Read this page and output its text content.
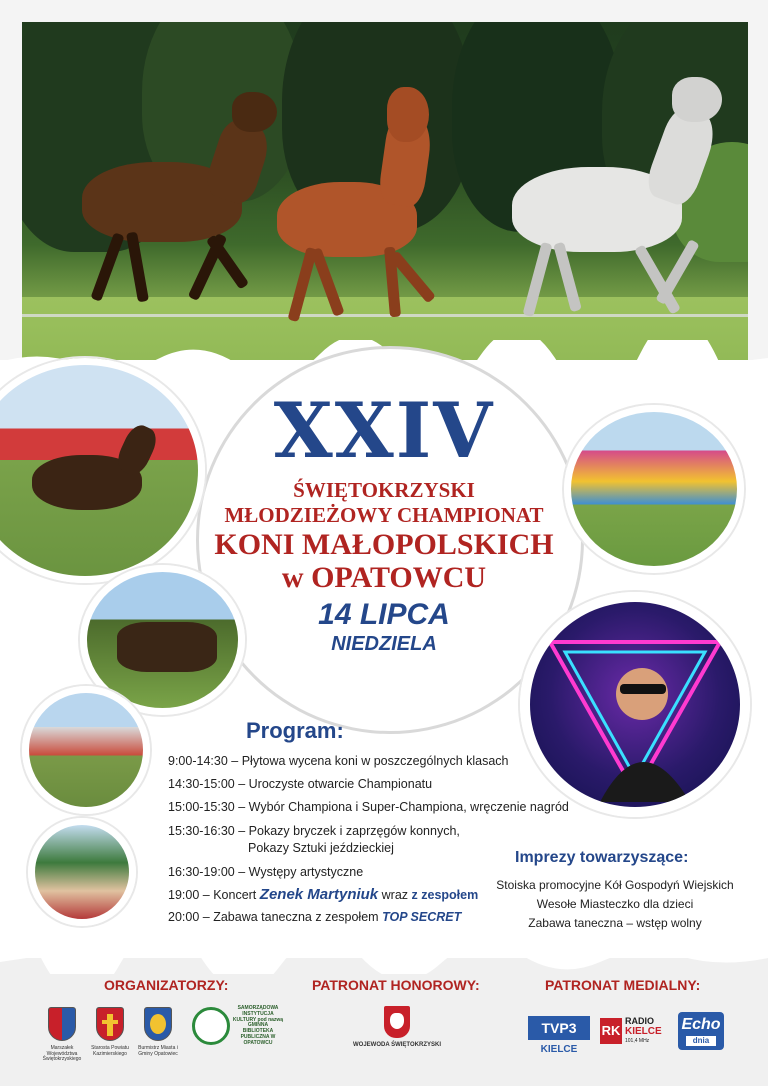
XXIV
ŚWIĘTOKRZYSKI
MŁODZIEŻOWY CHAMPIONAT
KONI MAŁOPOLSKICH
w OPATOWCU
14 LIPCA
NIEDZIELA
Program:
9:00-14:30 – Płytowa wycena koni w poszczególnych klasach
14:30-15:00 – Uroczyste otwarcie Championatu
15:00-15:30 – Wybór Championa i Super-Championa, wręczenie nagród
15:30-16:30 – Pokazy bryczek i zaprzęgów konnych,
Pokazy Sztuki jeździeckiej
16:30-19:00 – Występy artystyczne
19:00 – Koncert Zenek Martyniuk wraz z zespołem
20:00 – Zabawa taneczna z zespołem TOP SECRET
Imprezy towarzyszące:
Stoiska promocyjne Kół Gospodyń Wiejskich
Wesołe Miasteczko dla dzieci
Zabawa taneczna – wstęp wolny
ORGANIZATORZY:	PATRONAT HONOROWY:	PATRONAT MEDIALNY:
SAMORZĄDOWA INSTYTUCJA KULTURY pod nazwą GMINNA BIBLIOTEKA PUBLICZNA W OPATOWCU
Marszałek Województwa Świętokrzyskiego
Starosta Powiatu Kazimierskiego
Burmistrz Miasta i Gminy Opatowiec
WOJEWODA ŚWIĘTOKRZYSKI
TVP3
KIELCE
RK
RADIO
KIELCE
101,4 MHz
Echo
dnia
